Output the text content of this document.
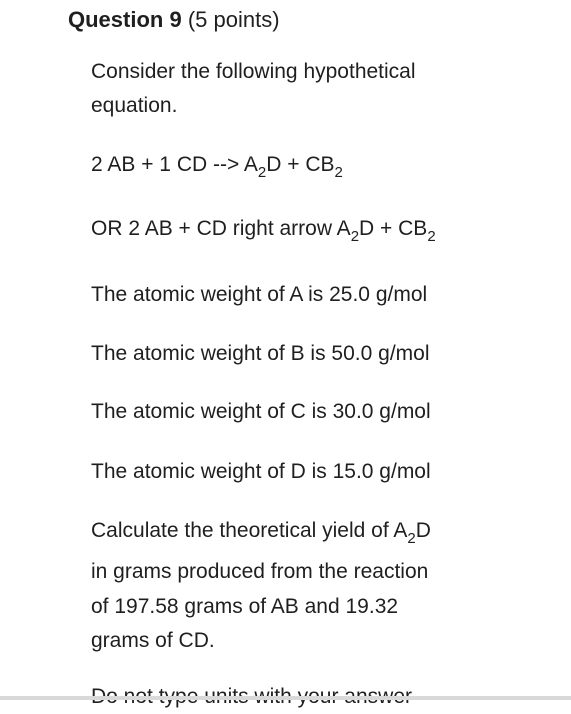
Question 9 (5 points)
Consider the following hypothetical
equation.
2 AB + 1 CD --> $A_2D + CB_2$
OR 2 AB + CD right arrow $A_2D + CB_2$
The atomic weight of A is 25.0 g/mol
The atomic weight of B is 50.0 g/mol
The atomic weight of C is 30.0 g/mol
The atomic weight of D is 15.0 g/mol
Calculate the theoretical yield of $A_2D$
in grams produced from the reaction
of 197.58 grams of AB and 19.32
grams of CD.
